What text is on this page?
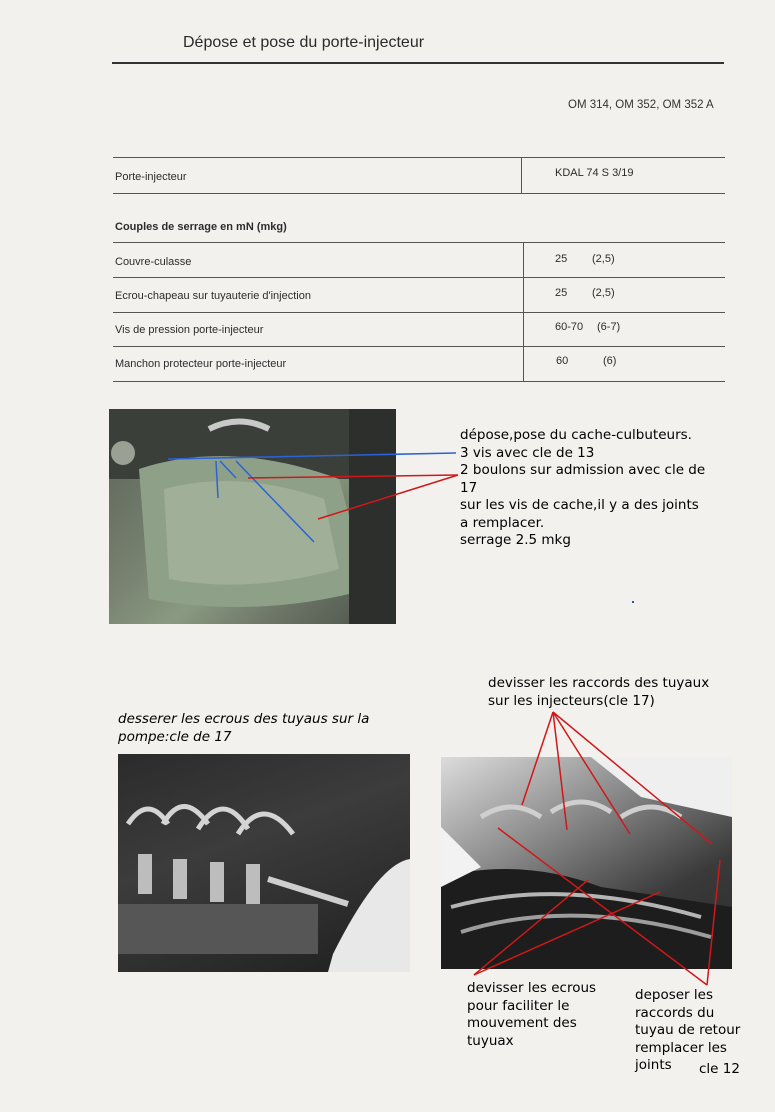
Dépose et pose du porte-injecteur
OM 314, OM 352, OM 352 A
Porte-injecteur	KDAL 74 S 3/19
Couples de serrage en mN (mkg)
Couvre-culasse	25 (2,5)
Ecrou-chapeau sur tuyauterie d'injection	25 (2,5)
Vis de pression porte-injecteur	60-70 (6-7)
Manchon protecteur porte-injecteur	60	(6)
dépose,pose du cache-culbuteurs.
3 vis avec cle de 13
2 boulons sur admission avec cle de
17
sur les vis de cache,il y a des joints
a remplacer.
serrage 2.5 mkg
desserer les ecrous des tuyaus sur la
pompe:cle de 17
devisser les raccords des tuyaux
sur les injecteurs(cle 17)
devisser les ecrous
pour faciliter le
mouvement des
tuyuax
deposer les
raccords du
tuyau de retour
remplacer les
joints	cle 12
